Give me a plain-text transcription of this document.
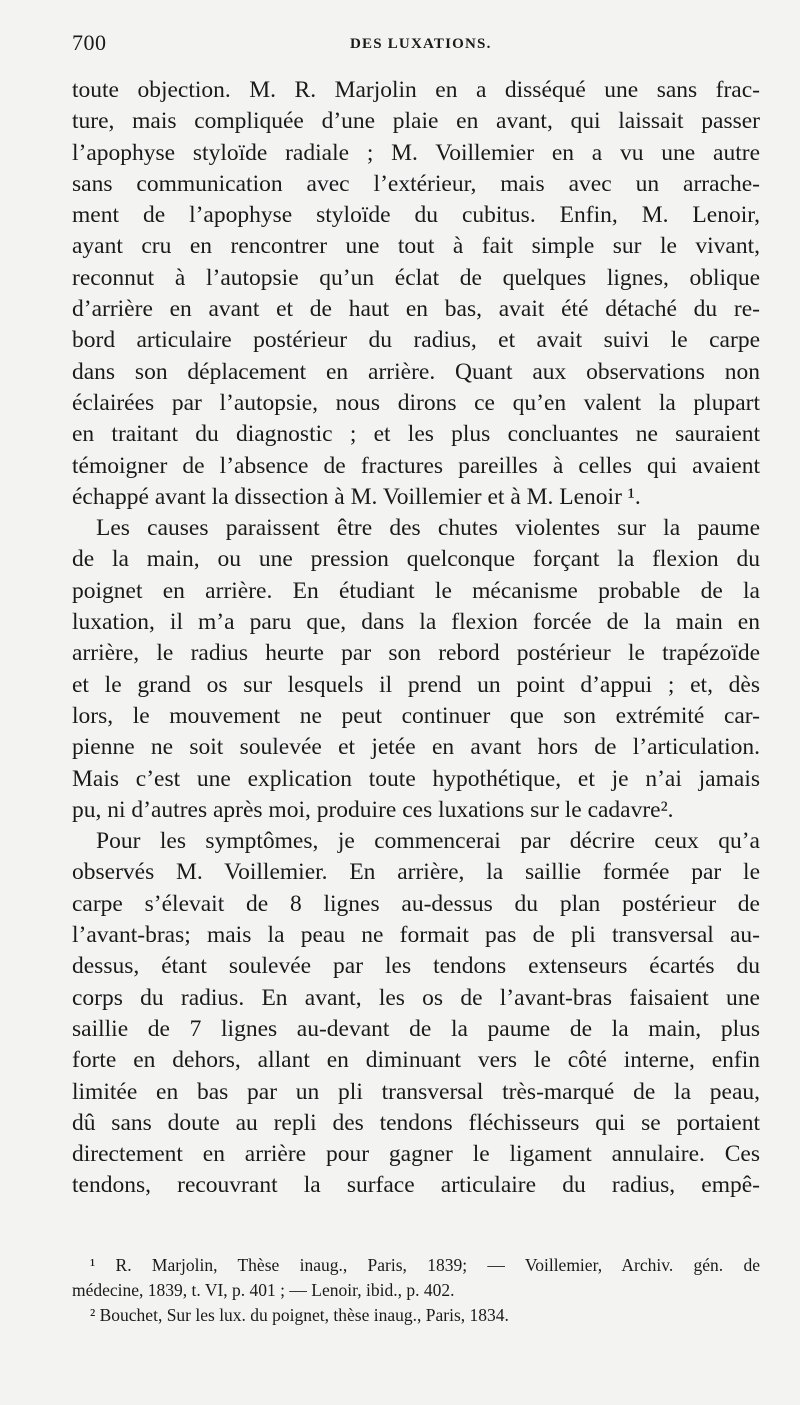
700	DES LUXATIONS.
toute objection. M. R. Marjolin en a disséqué une sans frac-
ture, mais compliquée d’une plaie en avant, qui laissait passer
l’apophyse styloïde radiale ; M. Voillemier en a vu une autre
sans communication avec l’extérieur, mais avec un arrache-
ment de l’apophyse styloïde du cubitus. Enfin, M. Lenoir,
ayant cru en rencontrer une tout à fait simple sur le vivant,
reconnut à l’autopsie qu’un éclat de quelques lignes, oblique
d’arrière en avant et de haut en bas, avait été détaché du re-
bord articulaire postérieur du radius, et avait suivi le carpe
dans son déplacement en arrière. Quant aux observations non
éclairées par l’autopsie, nous dirons ce qu’en valent la plupart
en traitant du diagnostic ; et les plus concluantes ne sauraient
témoigner de l’absence de fractures pareilles à celles qui avaient
échappé avant la dissection à M. Voillemier et à M. Lenoir ¹.
Les causes paraissent être des chutes violentes sur la paume
de la main, ou une pression quelconque forçant la flexion du
poignet en arrière. En étudiant le mécanisme probable de la
luxation, il m’a paru que, dans la flexion forcée de la main en
arrière, le radius heurte par son rebord postérieur le trapézoïde
et le grand os sur lesquels il prend un point d’appui ; et, dès
lors, le mouvement ne peut continuer que son extrémité car-
pienne ne soit soulevée et jetée en avant hors de l’articulation.
Mais c’est une explication toute hypothétique, et je n’ai jamais
pu, ni d’autres après moi, produire ces luxations sur le cadavre².
Pour les symptômes, je commencerai par décrire ceux qu’a
observés M. Voillemier. En arrière, la saillie formée par le
carpe s’élevait de 8 lignes au-dessus du plan postérieur de
l’avant-bras; mais la peau ne formait pas de pli transversal au-
dessus, étant soulevée par les tendons extenseurs écartés du
corps du radius. En avant, les os de l’avant-bras faisaient une
saillie de 7 lignes au-devant de la paume de la main, plus
forte en dehors, allant en diminuant vers le côté interne, enfin
limitée en bas par un pli transversal très-marqué de la peau,
dû sans doute au repli des tendons fléchisseurs qui se portaient
directement en arrière pour gagner le ligament annulaire. Ces
tendons, recouvrant la surface articulaire du radius, empê-
¹ R. Marjolin, Thèse inaug., Paris, 1839; — Voillemier, Archiv. gén. de
médecine, 1839, t. VI, p. 401 ; — Lenoir, ibid., p. 402.
² Bouchet, Sur les lux. du poignet, thèse inaug., Paris, 1834.
